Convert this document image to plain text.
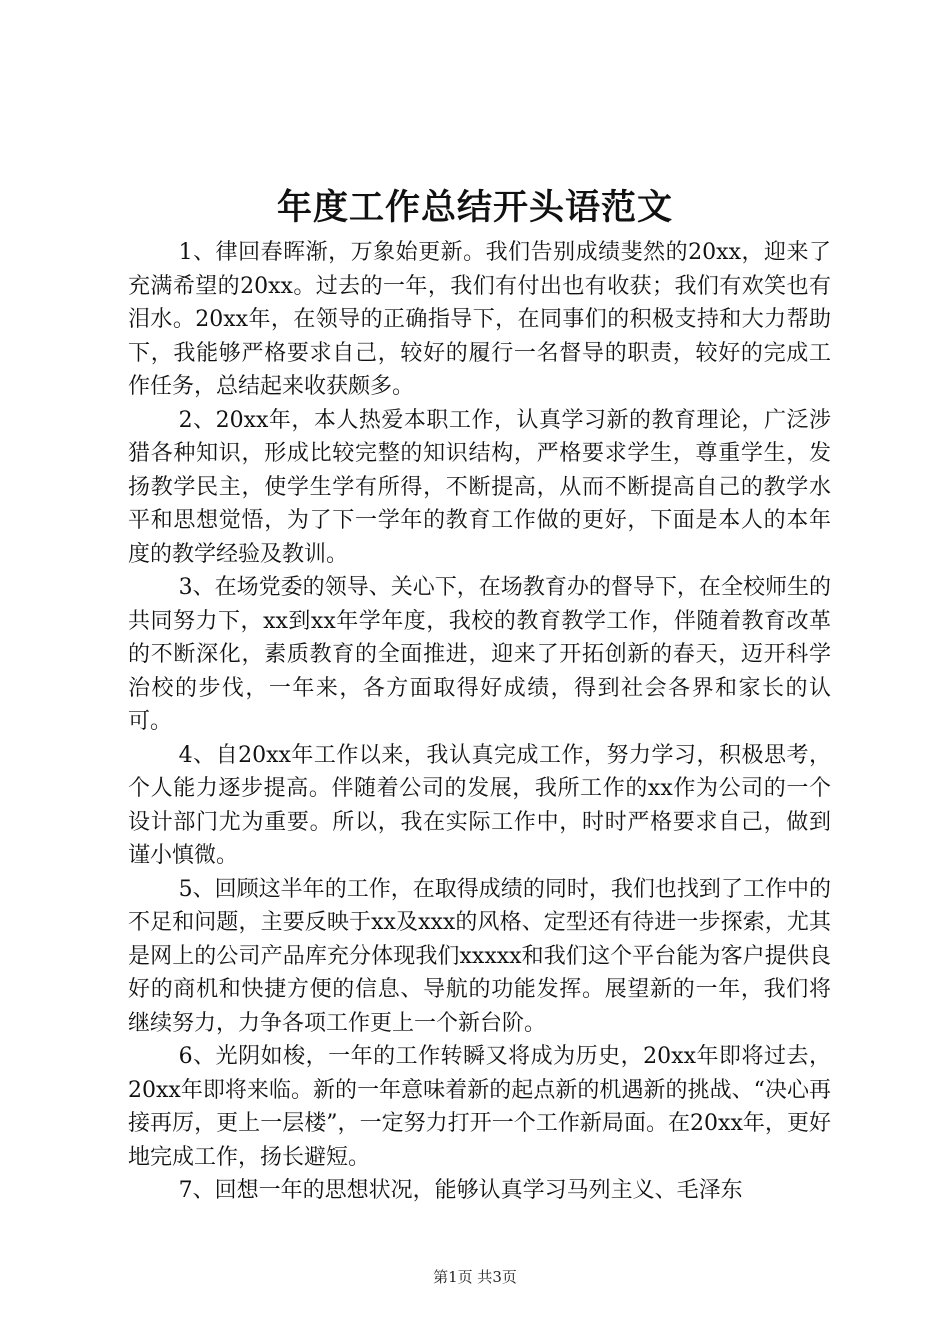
年度工作总结开头语范文

1、律回春晖渐，万象始更新。我们告别成绩斐然的20xx，迎来了充满希望的20xx。过去的一年，我们有付出也有收获；我们有欢笑也有泪水。20xx年，在领导的正确指导下，在同事们的积极支持和大力帮助下，我能够严格要求自己，较好的履行一名督导的职责，较好的完成工作任务，总结起来收获颇多。

2、20xx年，本人热爱本职工作，认真学习新的教育理论，广泛涉猎各种知识，形成比较完整的知识结构，严格要求学生，尊重学生，发扬教学民主，使学生学有所得，不断提高，从而不断提高自己的教学水平和思想觉悟，为了下一学年的教育工作做的更好，下面是本人的本年度的教学经验及教训。

3、在场党委的领导、关心下，在场教育办的督导下，在全校师生的共同努力下，xx到xx年学年度，我校的教育教学工作，伴随着教育改革的不断深化，素质教育的全面推进，迎来了开拓创新的春天，迈开科学治校的步伐，一年来，各方面取得好成绩，得到社会各界和家长的认可。

4、自20xx年工作以来，我认真完成工作，努力学习，积极思考，个人能力逐步提高。伴随着公司的发展，我所工作的xx作为公司的一个设计部门尤为重要。所以，我在实际工作中，时时严格要求自己，做到谨小慎微。

5、回顾这半年的工作，在取得成绩的同时，我们也找到了工作中的不足和问题，主要反映于xx及xxx的风格、定型还有待进一步探索，尤其是网上的公司产品库充分体现我们xxxxx和我们这个平台能为客户提供良好的商机和快捷方便的信息、导航的功能发挥。展望新的一年，我们将继续努力，力争各项工作更上一个新台阶。

6、光阴如梭，一年的工作转瞬又将成为历史，20xx年即将过去，20xx年即将来临。新的一年意味着新的起点新的机遇新的挑战、“决心再接再厉，更上一层楼”，一定努力打开一个工作新局面。在20xx年，更好地完成工作，扬长避短。

7、回想一年的思想状况，能够认真学习马列主义、毛泽东

第1页 共3页
